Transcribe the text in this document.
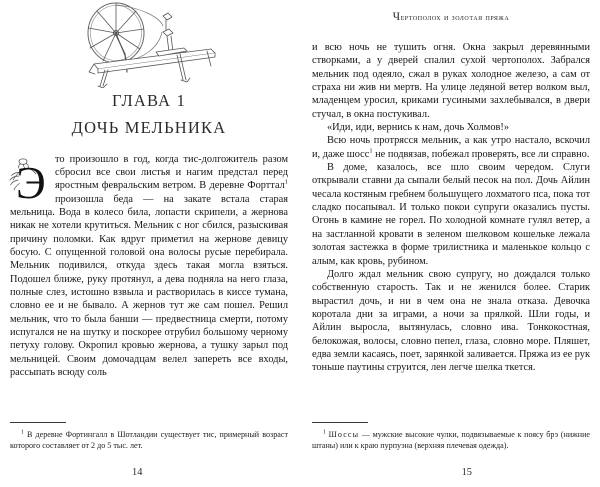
ГЛАВА 1
ДОЧЬ МЕЛЬНИКА
Э то произошло в год, когда тис-долгожитель разом сбросил все свои листья и нагим предстал перед яростным февральским ветром. В деревне Форттал$^1$ произошла беда — на закате встала старая мельница. Вода в колесо била, лопасти скрипели, а жернова никак не хотели крутиться. Мельник с ног сбился, разыскивая причину поломки. Как вдруг приметил на жернове девицу босую. С опущенной головой она волосы русые перебирала. Мельник подивился, откуда здесь такая могла взяться. Подошел ближе, руку протянул, а дева подняла на него глаза, полные слез, истошно взвыла и растворилась в киссе тумана, словно ее и не бывало. А жернов тут же сам пошел. Решил мельник, что то была банши — предвестница смерти, потому испугался не на шутку и поскорее отрубил большому черному петуху голову. Окропил кровью жернова, а тушку зарыл под мельницей. Своим домочадцам велел запереть все входы, рассыпать всюду соль

$^1$ В деревне Фортингалл в Шотландии существует тис, примерный возраст которого составляет от 2 до 5 тыс. лет.
14
Чертополох и золотая пряжа

и всю ночь не тушить огня. Окна закрыл деревянными створками, а у дверей спалил сухой чертополох. Забрался мельник под одеяло, сжал в руках холодное железо, а сам от страха ни жив ни мертв. На улице ледяной ветер волком выл, младенцем уросил, криками гусиными захлебывался, в двери стучал, в окна постукивал.

«Иди, иди, вернись к нам, дочь Холмов!»

Всю ночь протрясся мельник, а как утро настало, вскочил и, даже шосс$^1$ не подвязав, побежал проверять, все ли справно.

В доме, казалось, все шло своим чередом. Слуги открывали ставни да сыпали белый песок на пол. Дочь Айлин чесала костяным гребнем большущего лохматого пса, пока тот сладко посапывал. И только покои супруги оказались пусты. Огонь в камине не горел. По холодной комнате гулял ветер, а на застланной кровати в зеленом шелковом кошельке лежала золотая застежка в форме трилистника и маленькое кольцо с алым, как кровь, рубином.

Долго ждал мельник свою супругу, но дождался только собственную старость. Так и не женился более. Старик вырастил дочь, и ни в чем она не знала отказа. Девочка коротала дни за играми, а ночи за прялкой. Шли годы, и Айлин выросла, вытянулась, словно ива. Тонкокостная, белокожая, волосы, словно пепел, глаза, словно море. Пляшет, едва земли касаясь, поет, зарянкой заливается. Пряжа из ее рук тоньше паутины струится, лен легче шелка ткется.

$^1$ Шоссы — мужские высокие чулки, подвязываемые к поясу брэ (нижние штаны) или к краю пурпуэна (верхняя плечевая одежда).
15
